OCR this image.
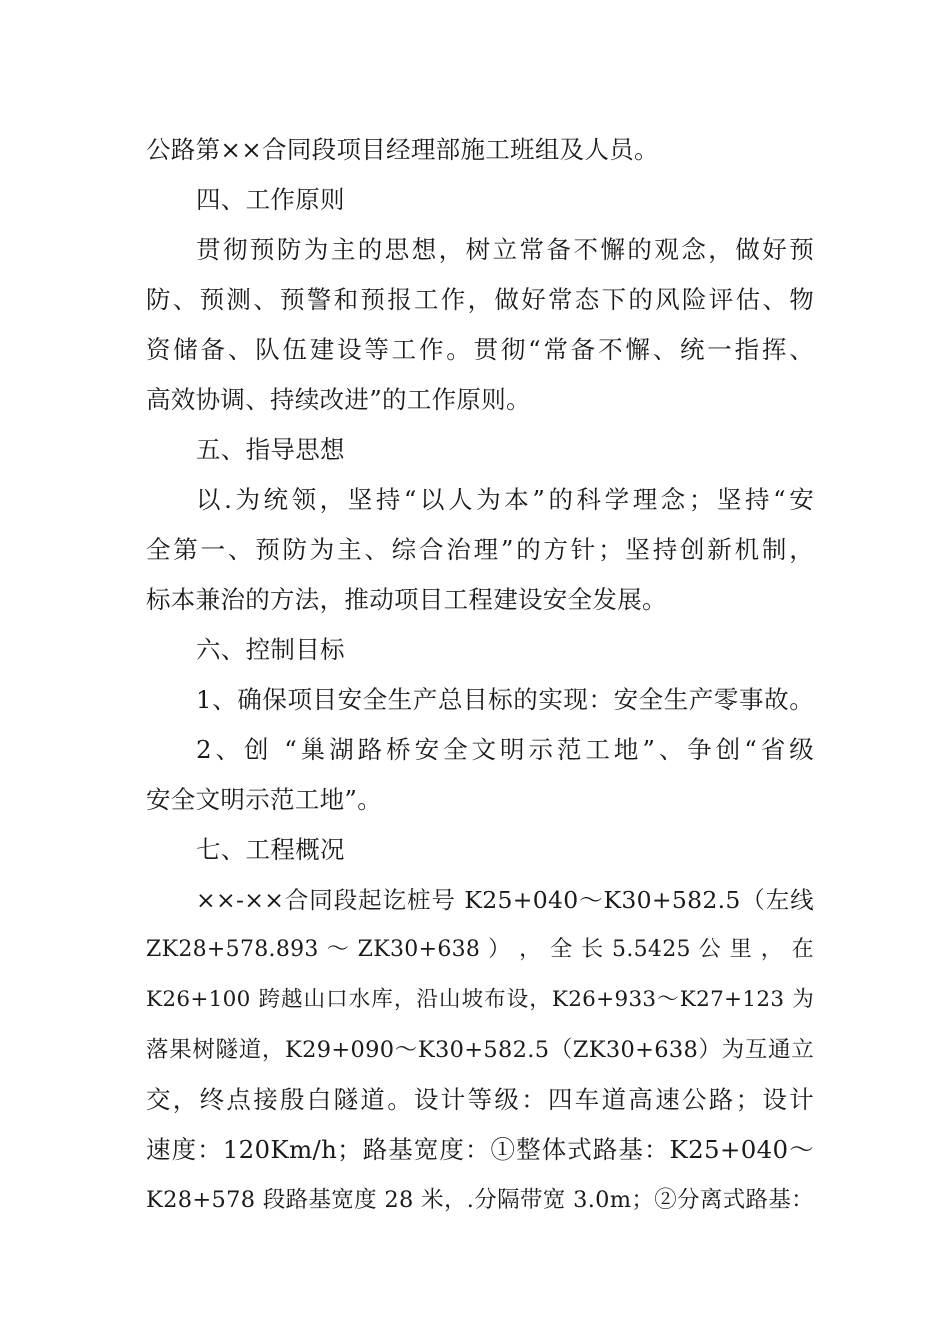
公路第××合同段项目经理部施工班组及人员。
四、工作原则
贯彻预防为主的思想，树立常备不懈的观念，做好预
防、预测、预警和预报工作，做好常态下的风险评估、物
资储备、队伍建设等工作。贯彻“常备不懈、统一指挥、
高效协调、持续改进”的工作原则。
五、指导思想
以.为统领，坚持“以人为本”的科学理念；坚持“安
全第一、预防为主、综合治理”的方针；坚持创新机制，
标本兼治的方法，推动项目工程建设安全发展。
六、控制目标
1、确保项目安全生产总目标的实现：安全生产零事故。
2、创 “巢湖路桥安全文明示范工地”、争创“省级
安全文明示范工地”。
七、工程概况
××-××合同段起讫桩号 K25+040～K30+582.5（左线
ZK28+578.893 ～ ZK30+638 ） ， 全 长 5.5425 公 里 ， 在
K26+100 跨越山口水库，沿山坡布设，K26+933～K27+123 为
落果树隧道，K29+090～K30+582.5（ZK30+638）为互通立
交，终点接殷白隧道。设计等级：四车道高速公路；设计
速度：120Km/h；路基宽度：①整体式路基：K25+040～
K28+578 段路基宽度 28 米，.分隔带宽 3.0m；②分离式路基：
